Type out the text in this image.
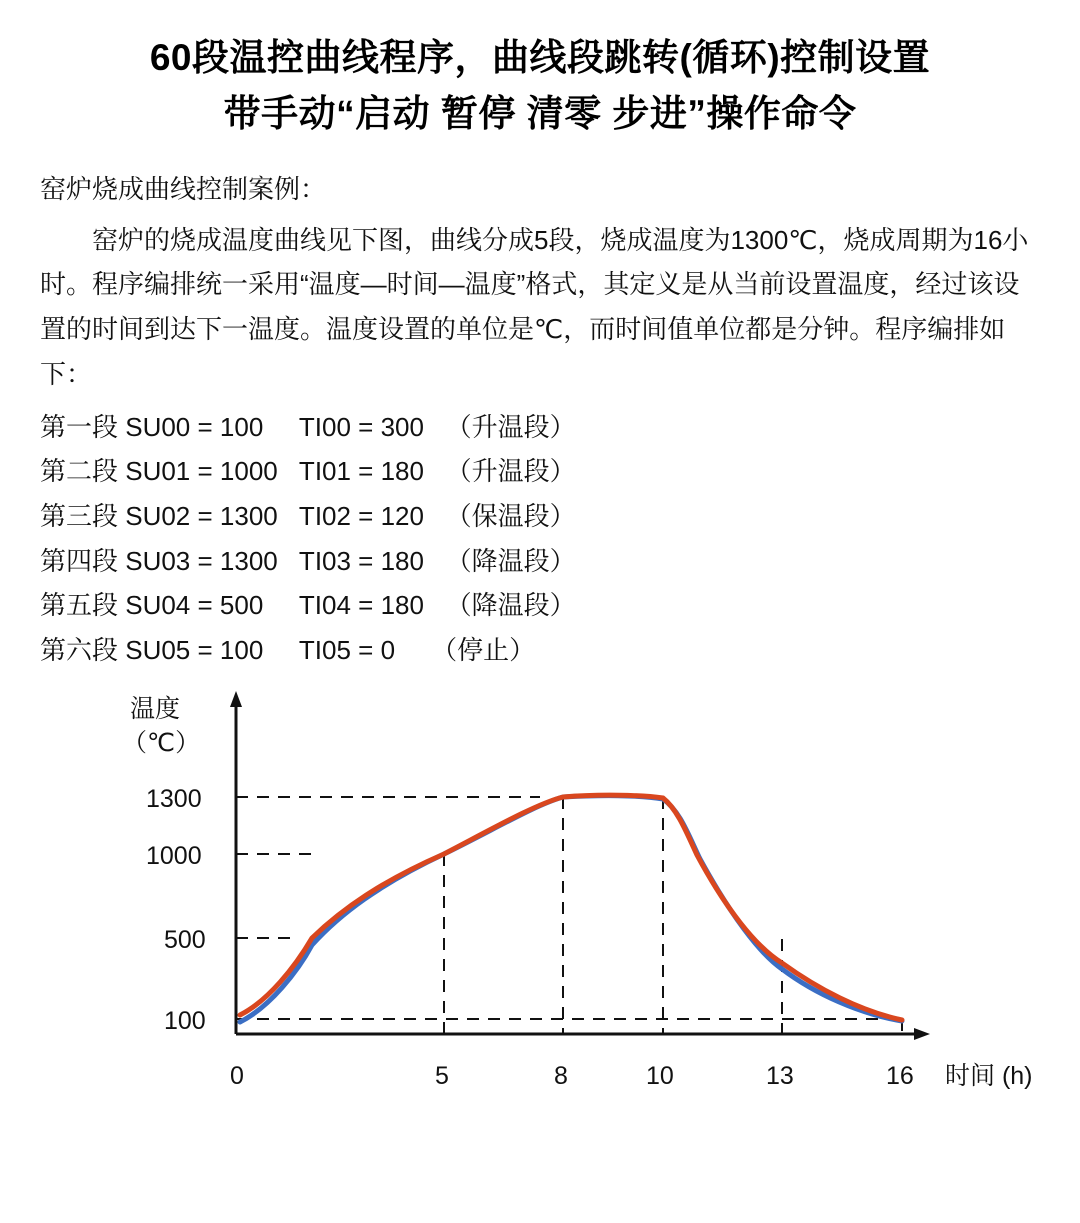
60段温控曲线程序，曲线段跳转(循环)控制设置
带手动“启动 暂停 清零 步进”操作命令
窑炉烧成曲线控制案例：
窑炉的烧成温度曲线见下图，曲线分成5段，烧成温度为1300℃，烧成周期为16小时。程序编排统一采用“温度—时间—温度”格式，其定义是从当前设置温度，经过该设置的时间到达下一温度。温度设置的单位是℃，而时间值单位都是分钟。程序编排如下：
第一段 SU00 = 100     TI00 = 300   （升温段）
第二段 SU01 = 1000   TI01 = 180   （升温段）
第三段 SU02 = 1300   TI02 = 120   （保温段）
第四段 SU03 = 1300   TI03 = 180   （降温段）
第五段 SU04 = 500     TI04 = 180   （降温段）
第六段 SU05 = 100     TI05 = 0     （停止）
温度
（℃）
1300
1000
500
100
0	5	8	10	13	16 时间 (h)
